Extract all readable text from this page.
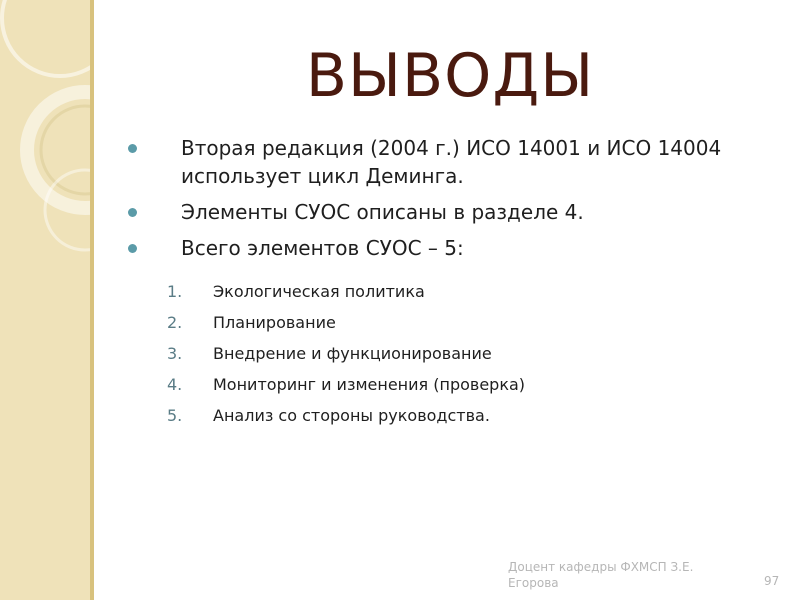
ВЫВОДЫ
Вторая редакция (2004 г.) ИСО 14001 и ИСО 14004 использует цикл Деминга.
Элементы СУОС описаны в разделе 4.
Всего элементов СУОС – 5:
1. Экологическая политика
2. Планирование
3. Внедрение и функционирование
4. Мониторинг и изменения (проверка)
5. Анализ со стороны руководства.
Доцент кафедры ФХМСП З.Е. Егорова	97
